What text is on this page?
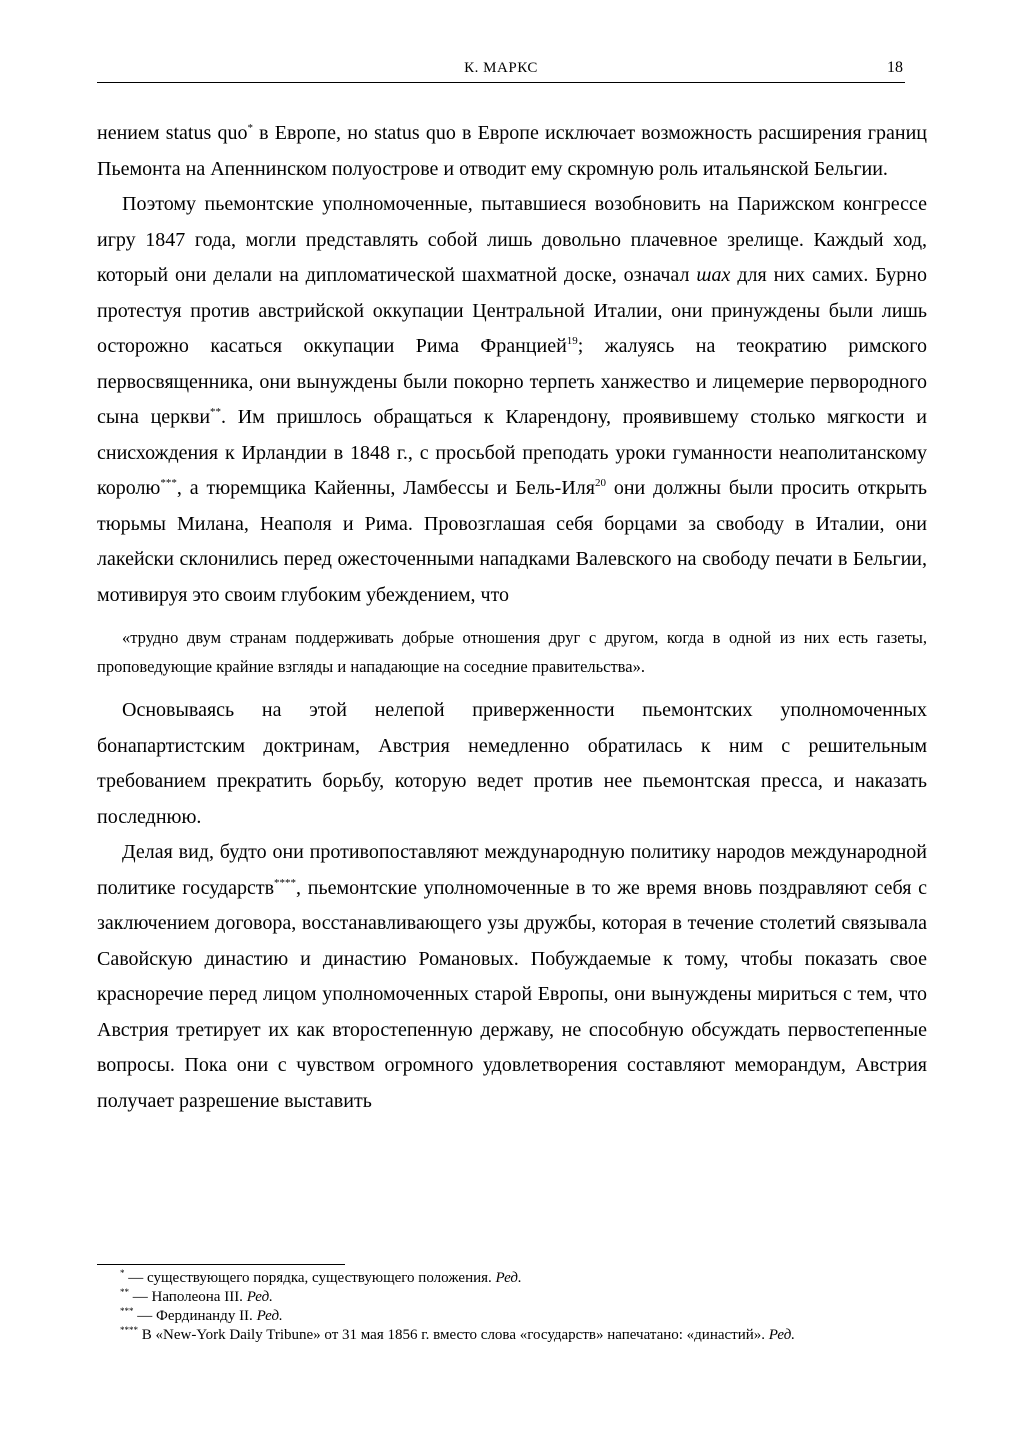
К. МАРКС	18

нением status quo* в Европе, но status quo в Европе исключает возможность расширения границ Пьемонта на Апеннинском полуострове и отводит ему скромную роль итальянской Бельгии.

Поэтому пьемонтские уполномоченные, пытавшиеся возобновить на Парижском конгрессе игру 1847 года, могли представлять собой лишь довольно плачевное зрелище. Каждый ход, который они делали на дипломатической шахматной доске, означал шах для них самих. Бурно протестуя против австрийской оккупации Центральной Италии, они принуждены были лишь осторожно касаться оккупации Рима Францией$^{19}$; жалуясь на теократию римского первосвященника, они вынуждены были покорно терпеть ханжество и лицемерие первородного сына церкви**. Им пришлось обращаться к Кларендону, проявившему столько мягкости и снисхождения к Ирландии в 1848 г., с просьбой преподать уроки гуманности неаполитанскому королю***, а тюремщика Кайенны, Ламбессы и Бель-Иля$^{20}$ они должны были просить открыть тюрьмы Милана, Неаполя и Рима. Провозглашая себя борцами за свободу в Италии, они лакейски склонились перед ожесточенными нападками Валевского на свободу печати в Бельгии, мотивируя это своим глубоким убеждением, что

«трудно двум странам поддерживать добрые отношения друг с другом, когда в одной из них есть газеты, проповедующие крайние взгляды и нападающие на соседние правительства».

Основываясь на этой нелепой приверженности пьемонтских уполномоченных бонапартистским доктринам, Австрия немедленно обратилась к ним с решительным требованием прекратить борьбу, которую ведет против нее пьемонтская пресса, и наказать последнюю.

Делая вид, будто они противопоставляют международную политику народов международной политике государств****, пьемонтские уполномоченные в то же время вновь поздравляют себя с заключением договора, восстанавливающего узы дружбы, которая в течение столетий связывала Савойскую династию и династию Романовых. Побуждаемые к тому, чтобы показать свое красноречие перед лицом уполномоченных старой Европы, они вынуждены мириться с тем, что Австрия третирует их как второстепенную державу, не способную обсуждать первостепенные вопросы. Пока они с чувством огромного удовлетворения составляют меморандум, Австрия получает разрешение выставить

* — существующего порядка, существующего положения. Ред.
** — Наполеона III. Ред.
*** — Фердинанду II. Ред.
**** В «New-York Daily Tribune» от 31 мая 1856 г. вместо слова «государств» напечатано: «династий». Ред.
